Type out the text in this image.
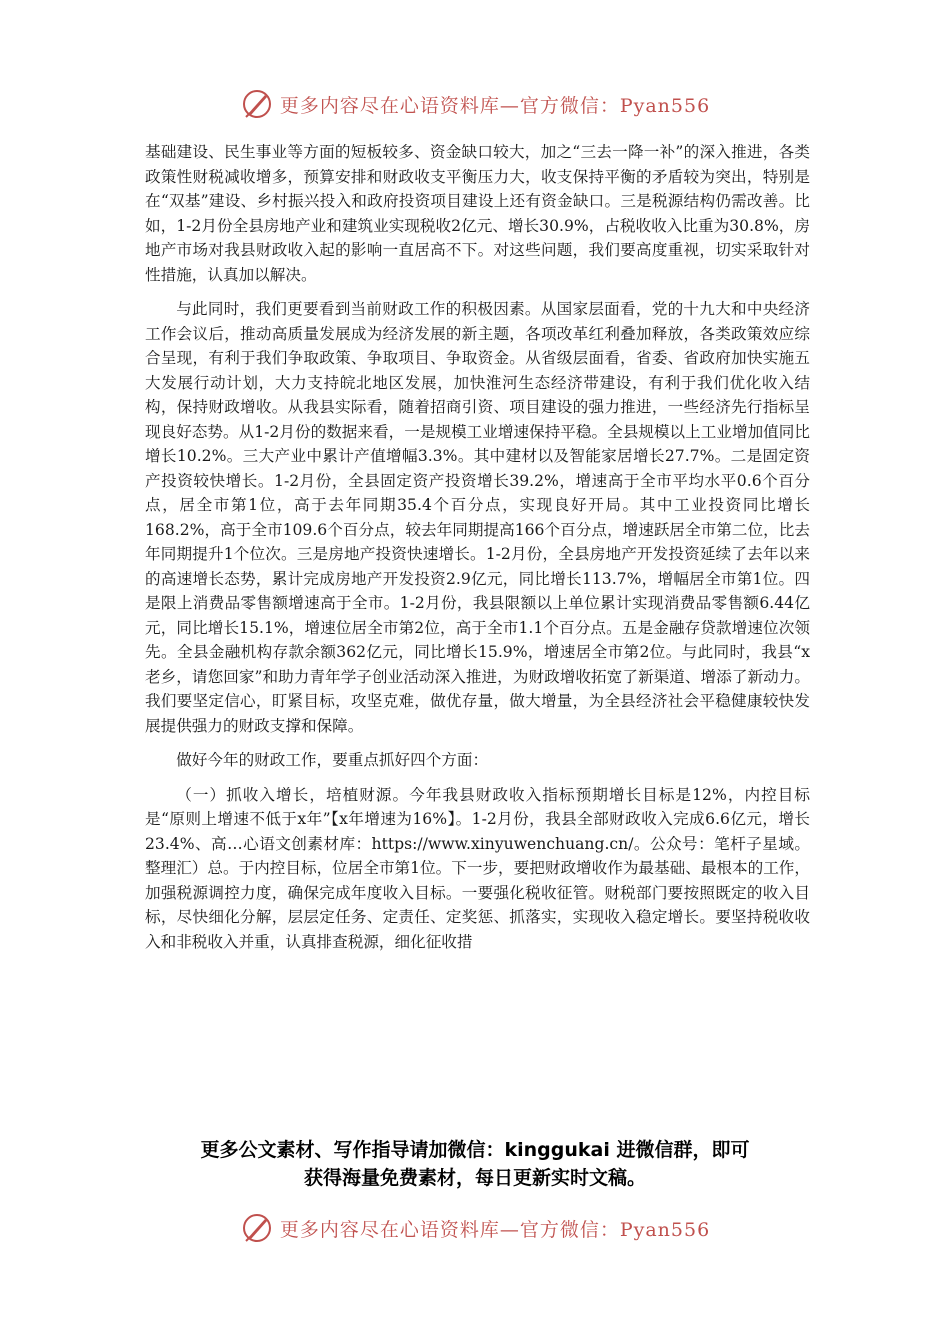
更多内容尽在心语资料库—官方微信：Pyan556

基础建设、民生事业等方面的短板较多、资金缺口较大，加之“三去一降一补”的深入推进，各类政策性财税减收增多，预算安排和财政收支平衡压力大，收支保持平衡的矛盾较为突出，特别是在“双基”建设、乡村振兴投入和政府投资项目建设上还有资金缺口。三是税源结构仍需改善。比如，1-2月份全县房地产业和建筑业实现税收2亿元、增长30.9%，占税收收入比重为30.8%，房地产市场对我县财政收入起的影响一直居高不下。对这些问题，我们要高度重视，切实采取针对性措施，认真加以解决。

与此同时，我们更要看到当前财政工作的积极因素。从国家层面看，党的十九大和中央经济工作会议后，推动高质量发展成为经济发展的新主题，各项改革红利叠加释放，各类政策效应综合呈现，有利于我们争取政策、争取项目、争取资金。从省级层面看，省委、省政府加快实施五大发展行动计划，大力支持皖北地区发展，加快淮河生态经济带建设，有利于我们优化收入结构，保持财政增收。从我县实际看，随着招商引资、项目建设的强力推进，一些经济先行指标呈现良好态势。从1-2月份的数据来看，一是规模工业增速保持平稳。全县规模以上工业增加值同比增长10.2%。三大产业中累计产值增幅3.3%。其中建材以及智能家居增长27.7%。二是固定资产投资较快增长。1-2月份，全县固定资产投资增长39.2%，增速高于全市平均水平0.6个百分点，居全市第1位，高于去年同期35.4个百分点，实现良好开局。其中工业投资同比增长168.2%，高于全市109.6个百分点，较去年同期提高166个百分点，增速跃居全市第二位，比去年同期提升1个位次。三是房地产投资快速增长。1-2月份，全县房地产开发投资延续了去年以来的高速增长态势，累计完成房地产开发投资2.9亿元，同比增长113.7%，增幅居全市第1位。四是限上消费品零售额增速高于全市。1-2月份，我县限额以上单位累计实现消费品零售额6.44亿元，同比增长15.1%，增速位居全市第2位，高于全市1.1个百分点。五是金融存贷款增速位次领先。全县金融机构存款余额362亿元，同比增长15.9%，增速居全市第2位。与此同时，我县“x老乡，请您回家”和助力青年学子创业活动深入推进，为财政增收拓宽了新渠道、增添了新动力。我们要坚定信心，盯紧目标，攻坚克难，做优存量，做大增量，为全县经济社会平稳健康较快发展提供强力的财政支撑和保障。

做好今年的财政工作，要重点抓好四个方面：

（一）抓收入增长，培植财源。今年我县财政收入指标预期增长目标是12%，内控目标是“原则上增速不低于x年”【x年增速为16%】。1-2月份，我县全部财政收入完成6.6亿元，增长23.4%、高…心语文创素材库：https://www.xinyuwenchuang.cn/。公众号：笔杆子星域。整理汇）总。于内控目标，位居全市第1位。下一步，要把财政增收作为最基础、最根本的工作，加强税源调控力度，确保完成年度收入目标。一要强化税收征管。财税部门要按照既定的收入目标，尽快细化分解，层层定任务、定责任、定奖惩、抓落实，实现收入稳定增长。要坚持税收收入和非税收入并重，认真排查税源，细化征收措

更多公文素材、写作指导请加微信：kinggukai 进微信群，即可
获得海量免费素材，每日更新实时文稿。
更多内容尽在心语资料库—官方微信：Pyan556
